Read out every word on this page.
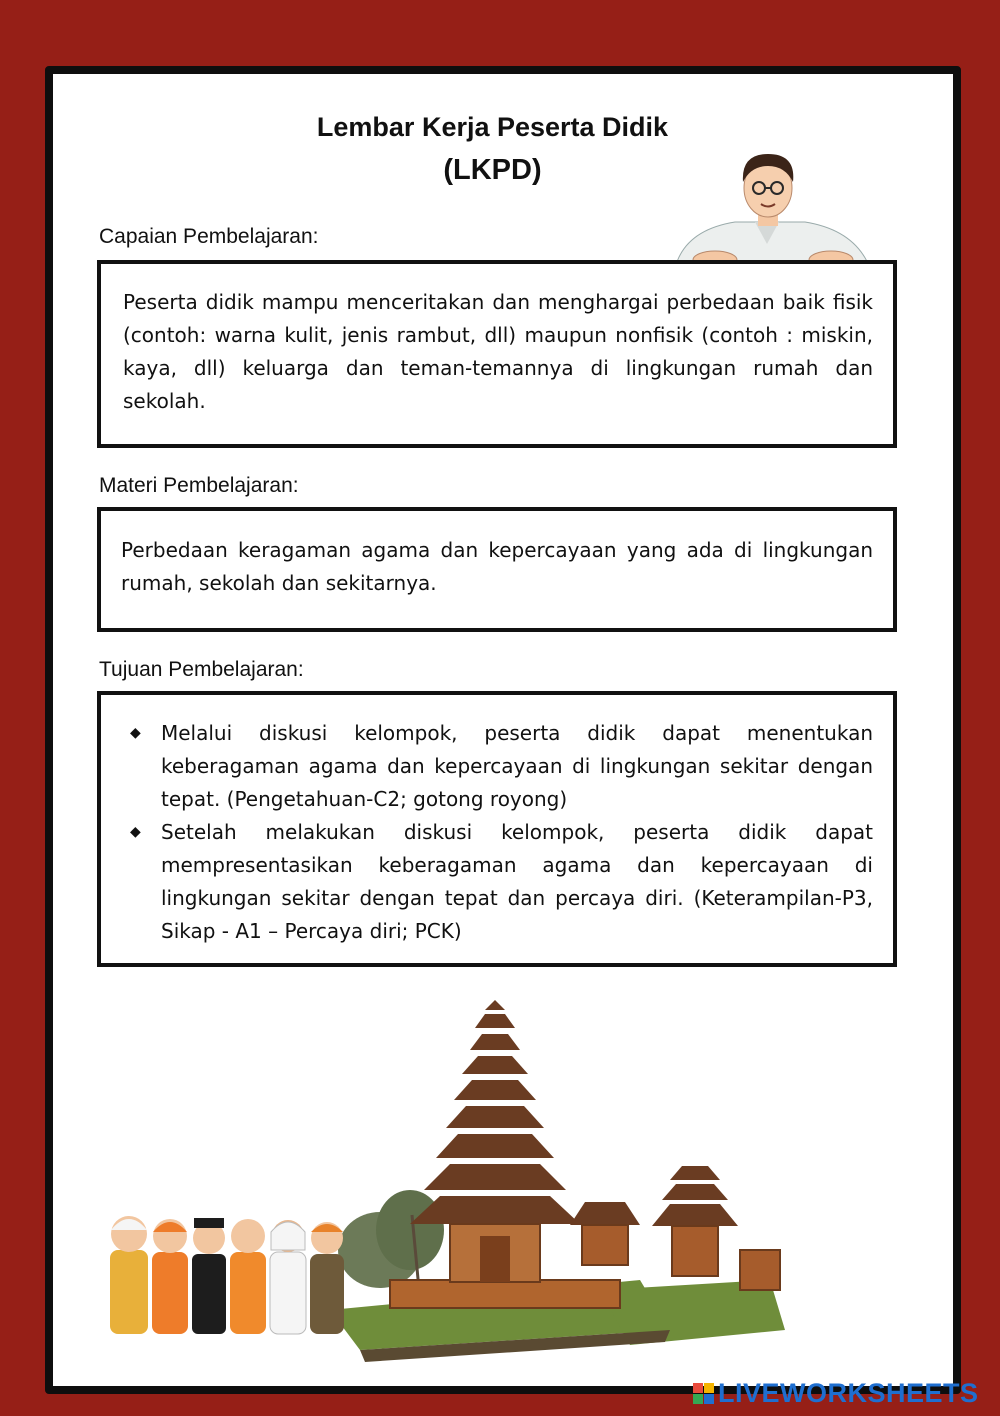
Lembar Kerja Peserta Didik
(LKPD)
Capaian Pembelajaran:

Peserta didik mampu menceritakan dan menghargai perbedaan baik fisik (contoh: warna kulit, jenis rambut, dll) maupun nonfisik (contoh : miskin, kaya, dll) keluarga dan teman-temannya di lingkungan rumah dan sekolah.

Materi Pembelajaran:

Perbedaan keragaman agama dan kepercayaan yang ada di lingkungan rumah, sekolah dan sekitarnya.

Tujuan Pembelajaran:
◆ Melalui diskusi kelompok, peserta didik dapat menentukan keberagaman agama dan kepercayaan di lingkungan sekitar dengan tepat. (Pengetahuan-C2; gotong royong)
◆ Setelah melakukan diskusi kelompok, peserta didik dapat mempresentasikan keberagaman agama dan kepercayaan di lingkungan sekitar dengan tepat dan percaya diri. (Keterampilan-P3, Sikap - A1 – Percaya diri; PCK)
LIVEWORKSHEETS
